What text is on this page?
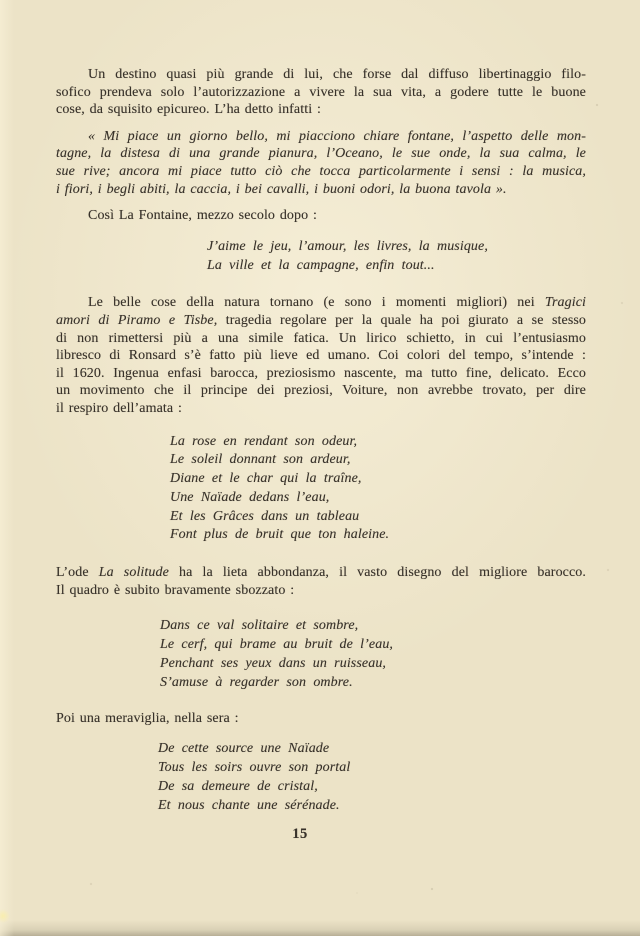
Un destino quasi più grande di lui, che forse dal diffuso libertinaggio filo-
sofico prendeva solo l’autorizzazione a vivere la sua vita, a godere tutte le buone
cose, da squisito epicureo. L’ha detto infatti :
« Mi piace un giorno bello, mi piacciono chiare fontane, l’aspetto delle mon-
tagne, la distesa di una grande pianura, l’Oceano, le sue onde, la sua calma, le
sue rive; ancora mi piace tutto ciò che tocca particolarmente i sensi : la musica,
i fiori, i begli abiti, la caccia, i bei cavalli, i buoni odori, la buona tavola ».
Così La Fontaine, mezzo secolo dopo :
J’aime le jeu, l’amour, les livres, la musique,
La ville et la campagne, enfin tout...
Le belle cose della natura tornano (e sono i momenti migliori) nei Tragici
amori di Piramo e Tisbe, tragedia regolare per la quale ha poi giurato a se stesso
di non rimettersi più a una simile fatica. Un lirico schietto, in cui l’entusiasmo
libresco di Ronsard s’è fatto più lieve ed umano. Coi colori del tempo, s’intende :
il 1620. Ingenua enfasi barocca, preziosismo nascente, ma tutto fine, delicato. Ecco
un movimento che il principe dei preziosi, Voiture, non avrebbe trovato, per dire
il respiro dell’amata :
La rose en rendant son odeur,
Le soleil donnant son ardeur,
Diane et le char qui la traîne,
Une Naïade dedans l’eau,
Et les Grâces dans un tableau
Font plus de bruit que ton haleine.
L’ode La solitude ha la lieta abbondanza, il vasto disegno del migliore barocco.
Il quadro è subito bravamente sbozzato :
Dans ce val solitaire et sombre,
Le cerf, qui brame au bruit de l’eau,
Penchant ses yeux dans un ruisseau,
S’amuse à regarder son ombre.
Poi una meraviglia, nella sera :
De cette source une Naïade
Tous les soirs ouvre son portal
De sa demeure de cristal,
Et nous chante une sérénade.
15
